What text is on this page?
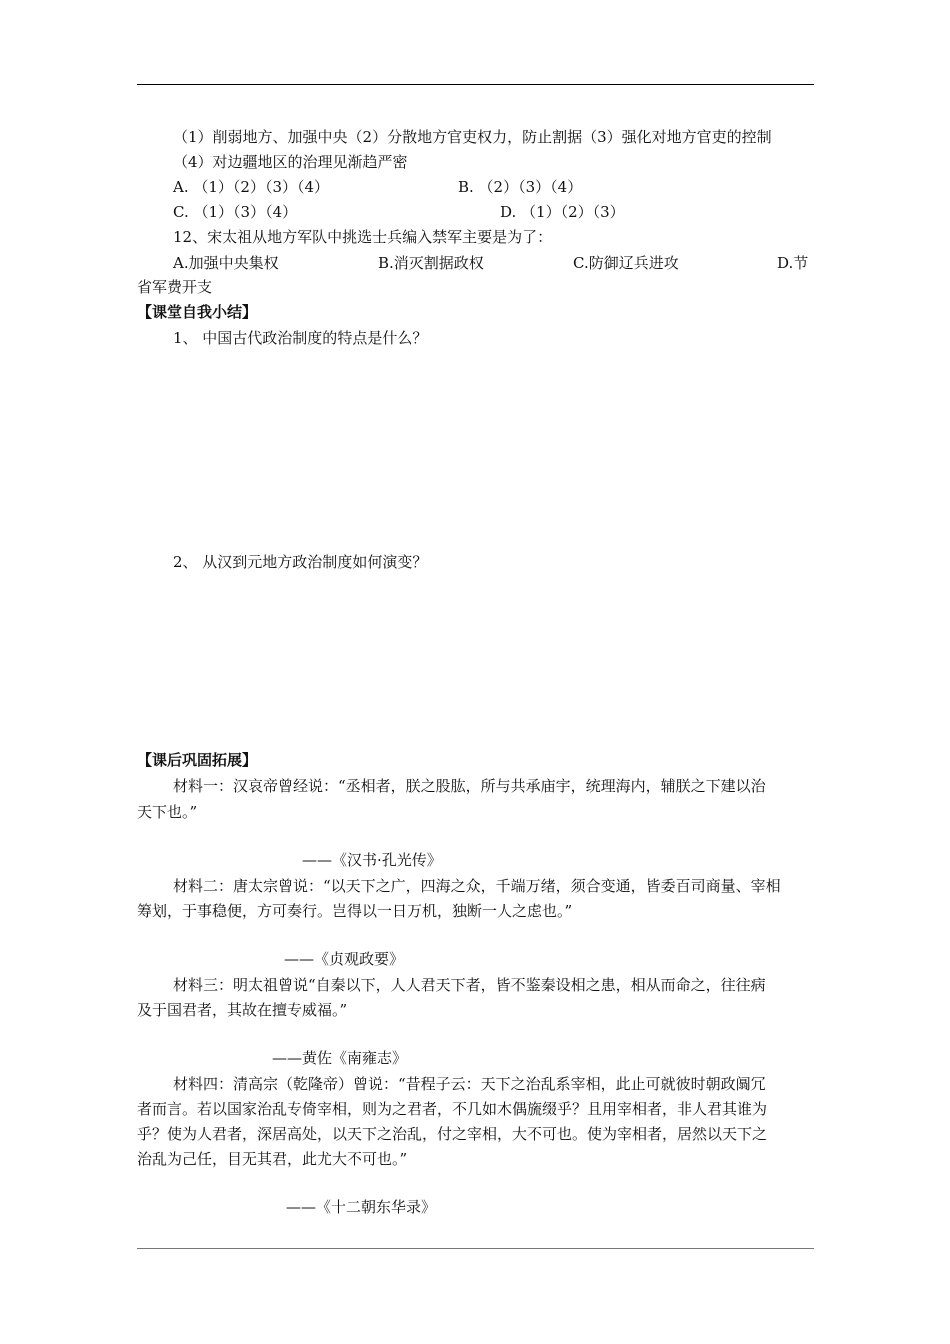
（1）削弱地方、加强中央（2）分散地方官吏权力，防止割据（3）强化对地方官吏的控制
（4）对边疆地区的治理见渐趋严密
A. （1）（2）（3）（4）	B. （2）（3）（4）
C. （1）（3）（4）	D. （1）（2）（3）
12、宋太祖从地方军队中挑选士兵编入禁军主要是为了：
A.加强中央集权	B.消灭割据政权	C.防御辽兵进攻	D.节
省军费开支
【课堂自我小结】
1、 中国古代政治制度的特点是什么？
2、 从汉到元地方政治制度如何演变？
【课后巩固拓展】
材料一：汉哀帝曾经说：“丞相者，朕之股肱，所与共承庙宇，统理海内，辅朕之下建以治
天下也。”
——《汉书·孔光传》
材料二：唐太宗曾说：“以天下之广，四海之众，千端万绪，须合变通，皆委百司商量、宰相
筹划，于事稳便，方可奏行。岂得以一日万机，独断一人之虑也。”
——《贞观政要》
材料三：明太祖曾说“自秦以下，人人君天下者，皆不鉴秦设相之患，相从而命之，往往病
及于国君者，其故在擅专威福。”
——黄佐《南雍志》
材料四：清高宗（乾隆帝）曾说：“昔程子云：天下之治乱系宰相，此止可就彼时朝政阘冗
者而言。若以国家治乱专倚宰相，则为之君者，不几如木偶旒缀乎？且用宰相者，非人君其谁为
乎？使为人君者，深居高处，以天下之治乱，付之宰相，大不可也。使为宰相者，居然以天下之
治乱为己任，目无其君，此尤大不可也。”
——《十二朝东华录》
